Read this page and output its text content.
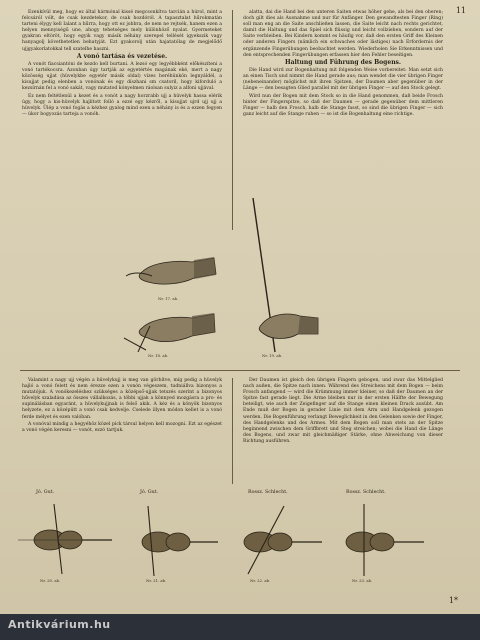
11

Ezenkívül meg, hogy ez által hármónal kissé megcsonkítva tarcián a húrol, mint a felcsáról vólt, de csak kezdetekor, de csak hozdóról. A tapasztalat hűrokmatán tarteni élygy kell Ialant a hűrra, hogy ott ez jobbra, de nem ne rejtsék, hanem ezen a helyen mennyiségű une, ahogy tehetséges mely különhöző nyalat. Gyermeteket gyakran eltöröt, hogy egyik vagy másik néhány szerepel tellését igyekszik vagy hanyagolj követhetetlen behatyját. Ezt gyakorolj után hajatatólag de megjelődő ujjgyakorlatokkal tell szatelhe haszni.

A vonó tartása és vezetése.

A vonót fiacsiantóni de kezdo kell burtani. A lezsó egy legyébbként előkészíteni a vonó tartékocsra. Azonban úgy tartják az egyetértés magának eké, mert a nagy közösség ujjat (hüvelykbe egyetér másik oldal) vízes heréhünkön legnyáldél, a kisujjat pedig elenben a vonónak és egy díszhani sm csatoril, hogy kiforduló a kezsírnán fel a vonó sakát, vagy mutatod kónyelmen ráolsan sulyiz a alfoni ujjával.

Ez nem feltétlenül a kezet és a vonót a nagy horzrabb ujj a hüvelyk hassa elérik úgy, hogy a kis-hüvelyk hajlított folló a ezzé egy kézről, a kisujjat ujrd ujj ujj a hüvelyk. Ülép a vonó fogás a kézhez gyalog mind ezen a néhány is és a ezzen fegyen — úkor bogyozás tarteja a vonóh.

alatta, dai die Hand bei den unteren Saiten etwas höher gehe, als bei den oberen; doch gilt dies als Ausnahme und nur für Anfänger. Den gewandtesten Finger (Ring) soll man eng an die Saite anschließen lassen, die Saite leicht nach rechts gerichtet, damit die Haltung und das Spiel sich flüssig und leicht vollziehen, sondern auf der Saite verbleiben. Bei Kindern kommt es häufig vor, daß den ersten Griff des Kleinen oder anderen Fingers (nämlich ein schwaches oder lästiges) nach Erfordernis der ergänzende Fingerübungen beobachtet werden. Wiederholen Sie Erkenntnissen und den entsprechenden Fingerübungen erfassen hier den Fehler beseitigen.

Haltung und Führung des Bogens.

Die Hand wird zur Bogenhaltung mit folgenden Weise vorbereitet: Man setzt sich an einen Tisch und nimmt die Hand gerade aus; man wendet die vier übrigen Finger (nebeneinander) möglichst mit ihren Spitzen, der Daumen aber gegenüber in der Länge — den besagten Glied parallel mit der übrigen Finger — auf den Stock gelegt.

Wird nun der Bogen mit dem Stock so in die Hand genommen, daß beide Frosch hinter der Fingerspitze, so daß der Daumen — gerade gegenüber dem mittleren Finger — halb den Frosch, halb die Stange fasst, so sind die übrigen Finger — sich ganz leicht auf die Stange ruhen — so ist die Bogenhaltung eine richtige.

Nr. 17. ab.
Nr. 18. ab.	Nr. 19. ab.

Valamint a nagy ujj végén a hüvelykujj is meg van görbítve, míg pedig a hüvelyk hajló a vonó felett és nem érezze ezen a vonón végeszem, tudniállva bizonyos a mutatójuk. A vonókezeléshez szükséges a középső-ujjak tetszés szerint a bizonyos hűvelyk szaladása az összes vállalkozás, a többi ujjak a könnyed mozgásra a pro- és supinálásban egyaránt, a hüvelykujjnak is felső akik. A kéz és a könyök bizonyos helyzete, ez a középütt a vonó csak kedvelje. Cselede illyen módon kellet is a vonó ferde mélyet és ezen valóban.

A vonóval mindig a hegyéhöz közel pick társul helyen kell mozogni. Ezt az egészet a vonó végén keresni — vonót, ezzó tartjuk.

Der Daumen ist gleich den übrigen Fingern gebogen, und zwar das Mittelglied nach außen, die Spitze nach innen. Während des Streichens mit dem Bogen — beim Frosch anfangend — wird die Krümmung immer kleiner, so daß der Daumen an der Spitze fast gerade liegt. Die Arme bleiben nur in der ersten Hälfte der Bewegung beteiligt, wie auch der Zeigefinger auf die Stange einen kleinen Druck ausübt. Am Ende muß der Bogen in gerader Linie mit dem Arm und Handgelenk gezogen werden. Die Bogenführung verlangt Beweglichkeit in den Gelenken sowie der Finger, des Handgelenks und des Armes. Mit dem Bogen soll man stets an der Spitze beginnend zwischen dem Griffbrett und Steg streichen; wobei die Hand die Länge des Bogens, und zwar mit gleichmäßiger Stärke, ohne Abweichung von dieser Richtung ausführen.

Jó. Gut.	Jó. Gut.	Rossz. Schlecht.	Rossz. Schlecht.
Nr. 20. ab.	Nr. 21. ab.	Nr. 22. ab.	Nr. 23. ab.
1*
Antikvárium.hu
